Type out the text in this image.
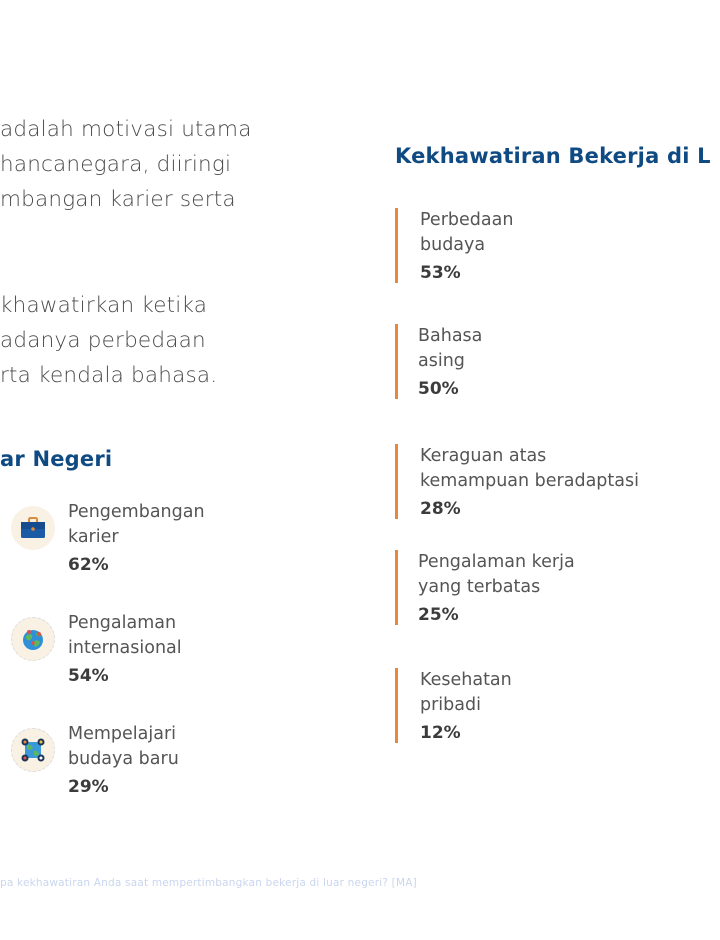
adalah motivasi utama
hancanegara, diiringi
mbangan karier serta
khawatirkan ketika
adanya perbedaan
rta kendala bahasa.
ar Negeri
Pengembangan
karier
62%
Pengalaman
internasional
54%
Mempelajari
budaya baru
29%
Kekhawatiran Bekerja di L
Perbedaan
budaya
53%
Bahasa
asing
50%
Keraguan atas
kemampuan beradaptasi
28%
Pengalaman kerja
yang terbatas
25%
Kesehatan
pribadi
12%
pa kekhawatiran Anda saat mempertimbangkan bekerja di luar negeri? [MA]
